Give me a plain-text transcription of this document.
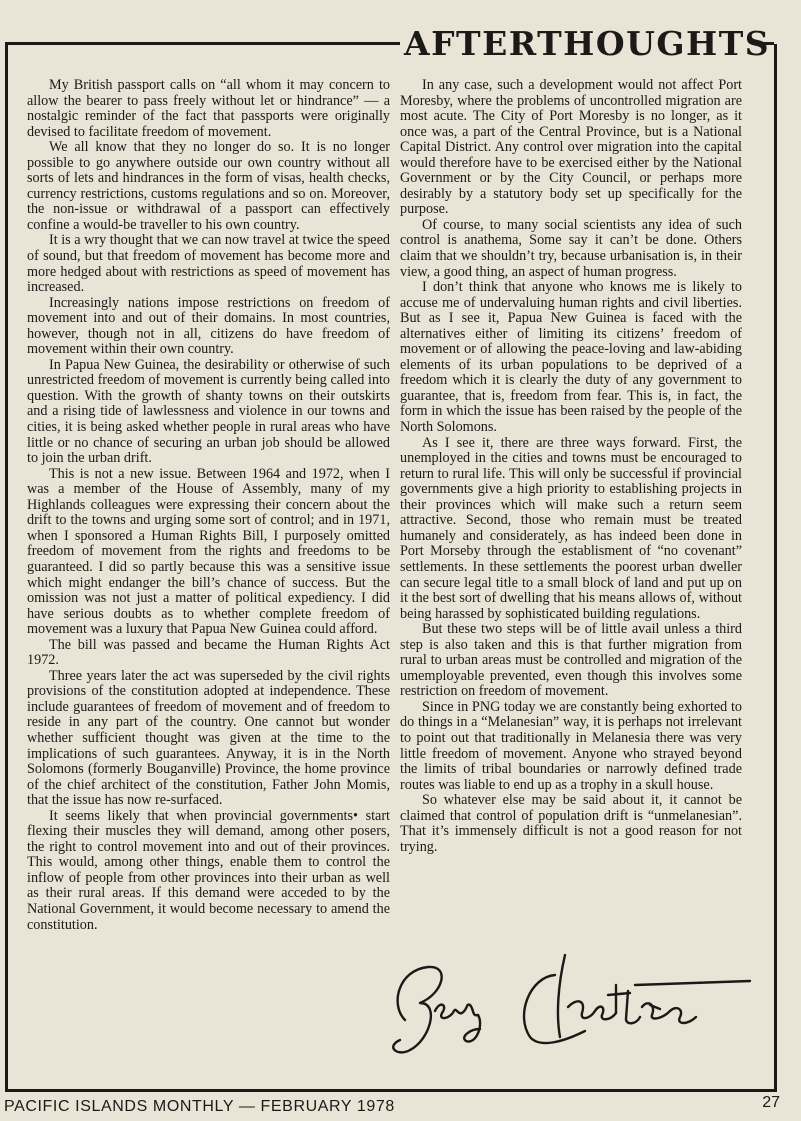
AFTERTHOUGHTS

My British passport calls on “all whom it may concern to allow the bearer to pass freely without let or hindrance” — a nostalgic reminder of the fact that passports were originally devised to facilitate freedom of movement.

We all know that they no longer do so. It is no longer possible to go anywhere outside our own country without all sorts of lets and hindrances in the form of visas, health checks, currency restrictions, customs regulations and so on. Moreover, the non-issue or withdrawal of a passport can effectively confine a would-be traveller to his own country.

It is a wry thought that we can now travel at twice the speed of sound, but that freedom of movement has become more and more hedged about with restrictions as speed of movement has increased.

Increasingly nations impose restrictions on freedom of movement into and out of their domains. In most countries, however, though not in all, citizens do have freedom of movement within their own country.

In Papua New Guinea, the desirability or otherwise of such unrestricted freedom of movement is currently being called into question. With the growth of shanty towns on their outskirts and a rising tide of lawlessness and violence in our towns and cities, it is being asked whether people in rural areas who have little or no chance of securing an urban job should be allowed to join the urban drift.

This is not a new issue. Between 1964 and 1972, when I was a member of the House of Assembly, many of my Highlands colleagues were expressing their concern about the drift to the towns and urging some sort of control; and in 1971, when I sponsored a Human Rights Bill, I purposely omitted freedom of movement from the rights and freedoms to be guaranteed. I did so partly because this was a sensitive issue which might endanger the bill’s chance of success. But the omission was not just a matter of political expediency. I did have serious doubts as to whether complete freedom of movement was a luxury that Papua New Guinea could afford.

The bill was passed and became the Human Rights Act 1972.

Three years later the act was superseded by the civil rights provisions of the constitution adopted at independence. These include guarantees of freedom of movement and of freedom to reside in any part of the country. One cannot but wonder whether sufficient thought was given at the time to the implications of such guarantees. Anyway, it is in the North Solomons (formerly Bouganville) Province, the home province of the chief architect of the constitution, Father John Momis, that the issue has now re-surfaced.

It seems likely that when provincial governments• start flexing their muscles they will demand, among other posers, the right to control movement into and out of their provinces. This would, among other things, enable them to control the inflow of people from other provinces into their urban as well as their rural areas. If this demand were acceded to by the National Government, it would become necessary to amend the constitution.

In any case, such a development would not affect Port Moresby, where the problems of uncontrolled migration are most acute. The City of Port Moresby is no longer, as it once was, a part of the Central Province, but is a National Capital District. Any control over migration into the capital would therefore have to be exercised either by the National Government or by the City Council, or perhaps more desirably by a statutory body set up specifically for the purpose.

Of course, to many social scientists any idea of such control is anathema, Some say it can’t be done. Others claim that we shouldn’t try, because urbanisation is, in their view, a good thing, an aspect of human progress.

I don’t think that anyone who knows me is likely to accuse me of undervaluing human rights and civil liberties. But as I see it, Papua New Guinea is faced with the alternatives either of limiting its citizens’ freedom of movement or of allowing the peace-loving and law-abiding elements of its urban populations to be deprived of a freedom which it is clearly the duty of any government to guarantee, that is, freedom from fear. This is, in fact, the form in which the issue has been raised by the people of the North Solomons.

As I see it, there are three ways forward. First, the unemployed in the cities and towns must be encouraged to return to rural life. This will only be successful if provincial governments give a high priority to establishing projects in their provinces which will make such a return seem attractive. Second, those who remain must be treated humanely and considerately, as has indeed been done in Port Morseby through the establisment of “no covenant” settlements. In these settlements the poorest urban dweller can secure legal title to a small block of land and put up on it the best sort of dwelling that his means allows of, without being harassed by sophisticated building regulations.

But these two steps will be of little avail unless a third step is also taken and this is that further migration from rural to urban areas must be controlled and migration of the umemployable prevented, even though this involves some restriction on freedom of movement.

Since in PNG today we are constantly being exhorted to do things in a “Melanesian” way, it is perhaps not irrelevant to point out that traditionally in Melanesia there was very little freedom of movement. Anyone who strayed beyond the limits of tribal boundaries or narrowly defined trade routes was liable to end up as a trophy in a skull house.

So whatever else may be said about it, it cannot be claimed that control of population drift is “unmelanesian”. That it’s immensely difficult is not a good reason for not trying.

PACIFIC ISLANDS MONTHLY — FEBRUARY 1978	27
